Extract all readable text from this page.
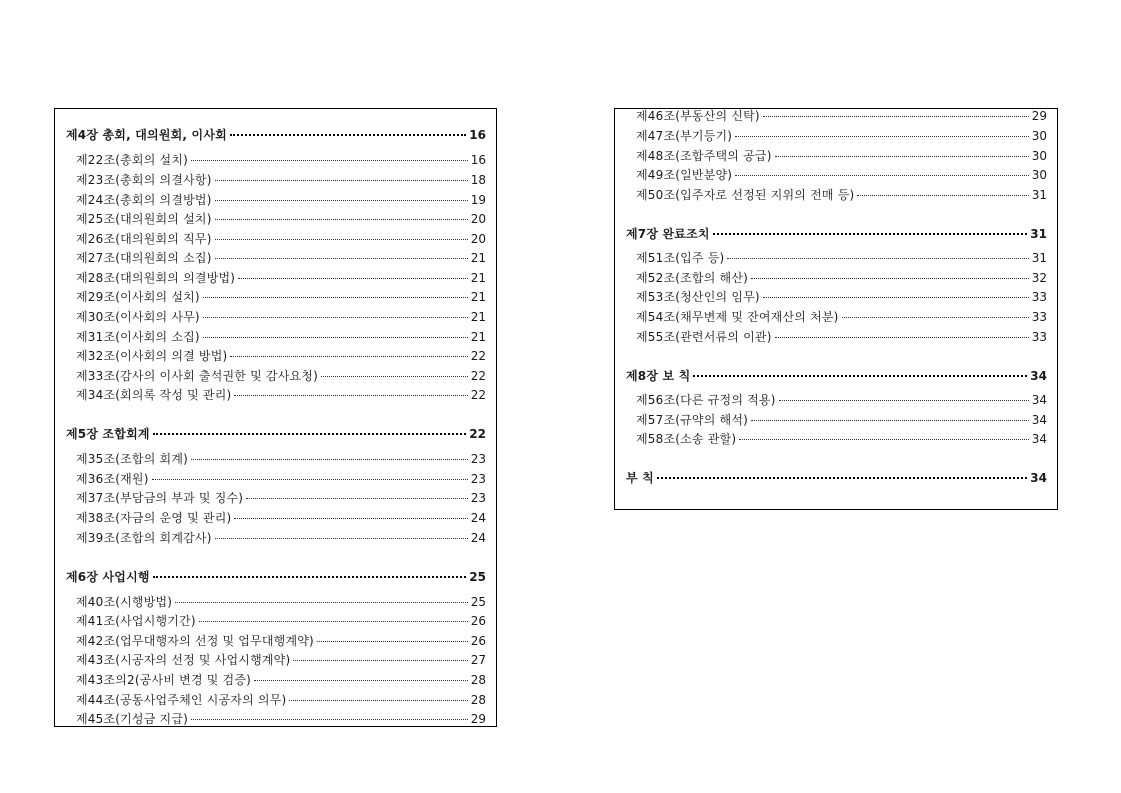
제4장 총회, 대의원회, 이사회	16
제22조(총회의 설치)	16
제23조(총회의 의결사항)	18
제24조(총회의 의결방법)	19
제25조(대의원회의 설치)	20
제26조(대의원회의 직무)	20
제27조(대의원회의 소집)	21
제28조(대의원회의 의결방법)	21
제29조(이사회의 설치)	21
제30조(이사회의 사무)	21
제31조(이사회의 소집)	21
제32조(이사회의 의결 방법)	22
제33조(감사의 이사회 출석권한 및 감사요청)	22
제34조(회의록 작성 및 관리)	22
제5장 조합회계	22
제35조(조합의 회계)	23
제36조(재원)	23
제37조(부담금의 부과 및 징수)	23
제38조(자금의 운영 및 관리)	24
제39조(조합의 회계감사)	24
제6장 사업시행	25
제40조(시행방법)	25
제41조(사업시행기간)	26
제42조(업무대행자의 선정 및 업무대행계약)	26
제43조(시공자의 선정 및 사업시행계약)	27
제43조의2(공사비 변경 및 검증)	28
제44조(공동사업주체인 시공자의 의무)	28
제45조(기성금 지급)	29
제46조(부동산의 신탁)	29
제47조(부기등기)	30
제48조(조합주택의 공급)	30
제49조(일반분양)	30
제50조(입주자로 선정된 지위의 전매 등)	31
제7장 완료조치	31
제51조(입주 등)	31
제52조(조합의 해산)	32
제53조(청산인의 임무)	33
제54조(채무변제 및 잔여재산의 처분)	33
제55조(관련서류의 이관)	33
제8장 보 칙	34
제56조(다른 규정의 적용)	34
제57조(규약의 해석)	34
제58조(소송 관할)	34
부 칙	34
